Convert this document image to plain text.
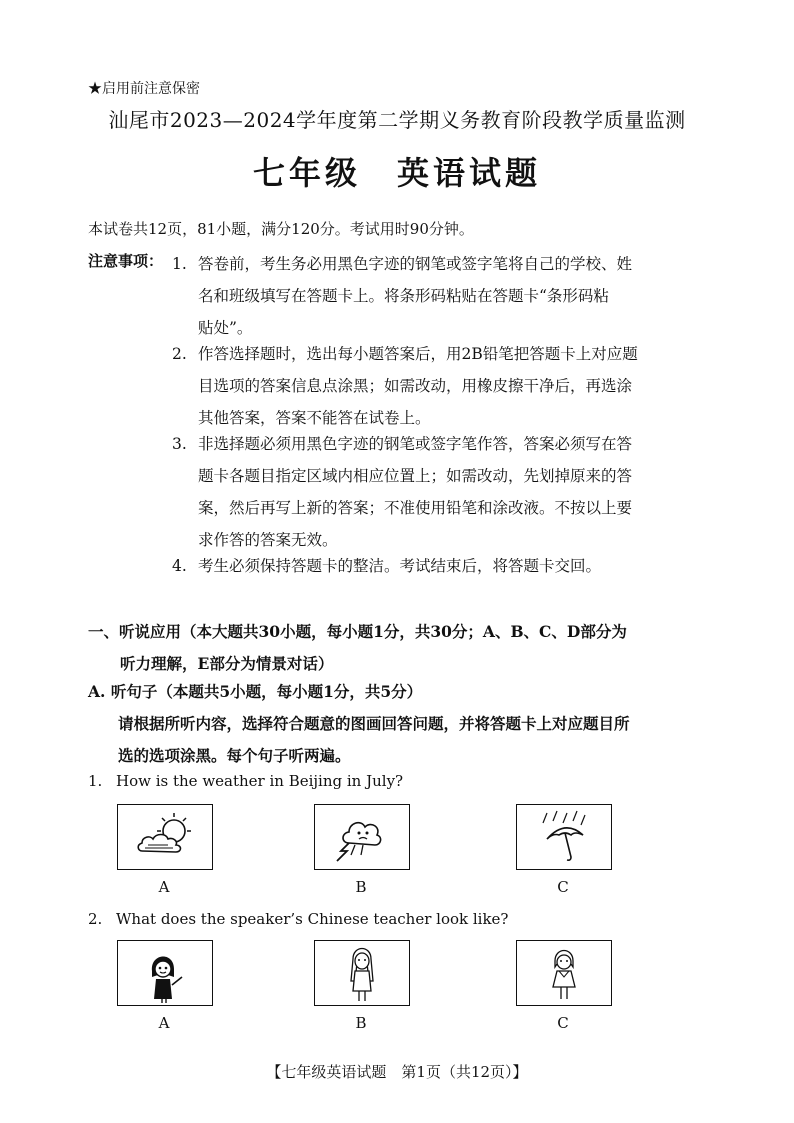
★启用前注意保密
汕尾市2023—2024学年度第二学期义务教育阶段教学质量监测
七年级　英语试题
本试卷共12页，81小题，满分120分。考试用时90分钟。
注意事项： 1. 答卷前，考生务必用黑色字迹的钢笔或签字笔将自己的学校、姓
名和班级填写在答题卡上。将条形码粘贴在答题卡“条形码粘
贴处”。
2. 作答选择题时，选出每小题答案后，用2B铅笔把答题卡上对应题
目选项的答案信息点涂黑；如需改动，用橡皮擦干净后，再选涂
其他答案，答案不能答在试卷上。
3. 非选择题必须用黑色字迹的钢笔或签字笔作答，答案必须写在答
题卡各题目指定区域内相应位置上；如需改动，先划掉原来的答
案，然后再写上新的答案；不准使用铅笔和涂改液。不按以上要
求作答的答案无效。
4. 考生必须保持答题卡的整洁。考试结束后，将答题卡交回。
一、听说应用（本大题共30小题，每小题1分，共30分；A、B、C、D部分为
听力理解，E部分为情景对话）
A. 听句子（本题共5小题，每小题1分，共5分）
请根据所听内容，选择符合题意的图画回答问题，并将答题卡上对应题目所
选的选项涂黑。每个句子听两遍。
1. How is the weather in Beijing in July?
A	B	C
2. What does the speaker’s Chinese teacher look like?
A	B	C
【七年级英语试题　第1页（共12页）】
